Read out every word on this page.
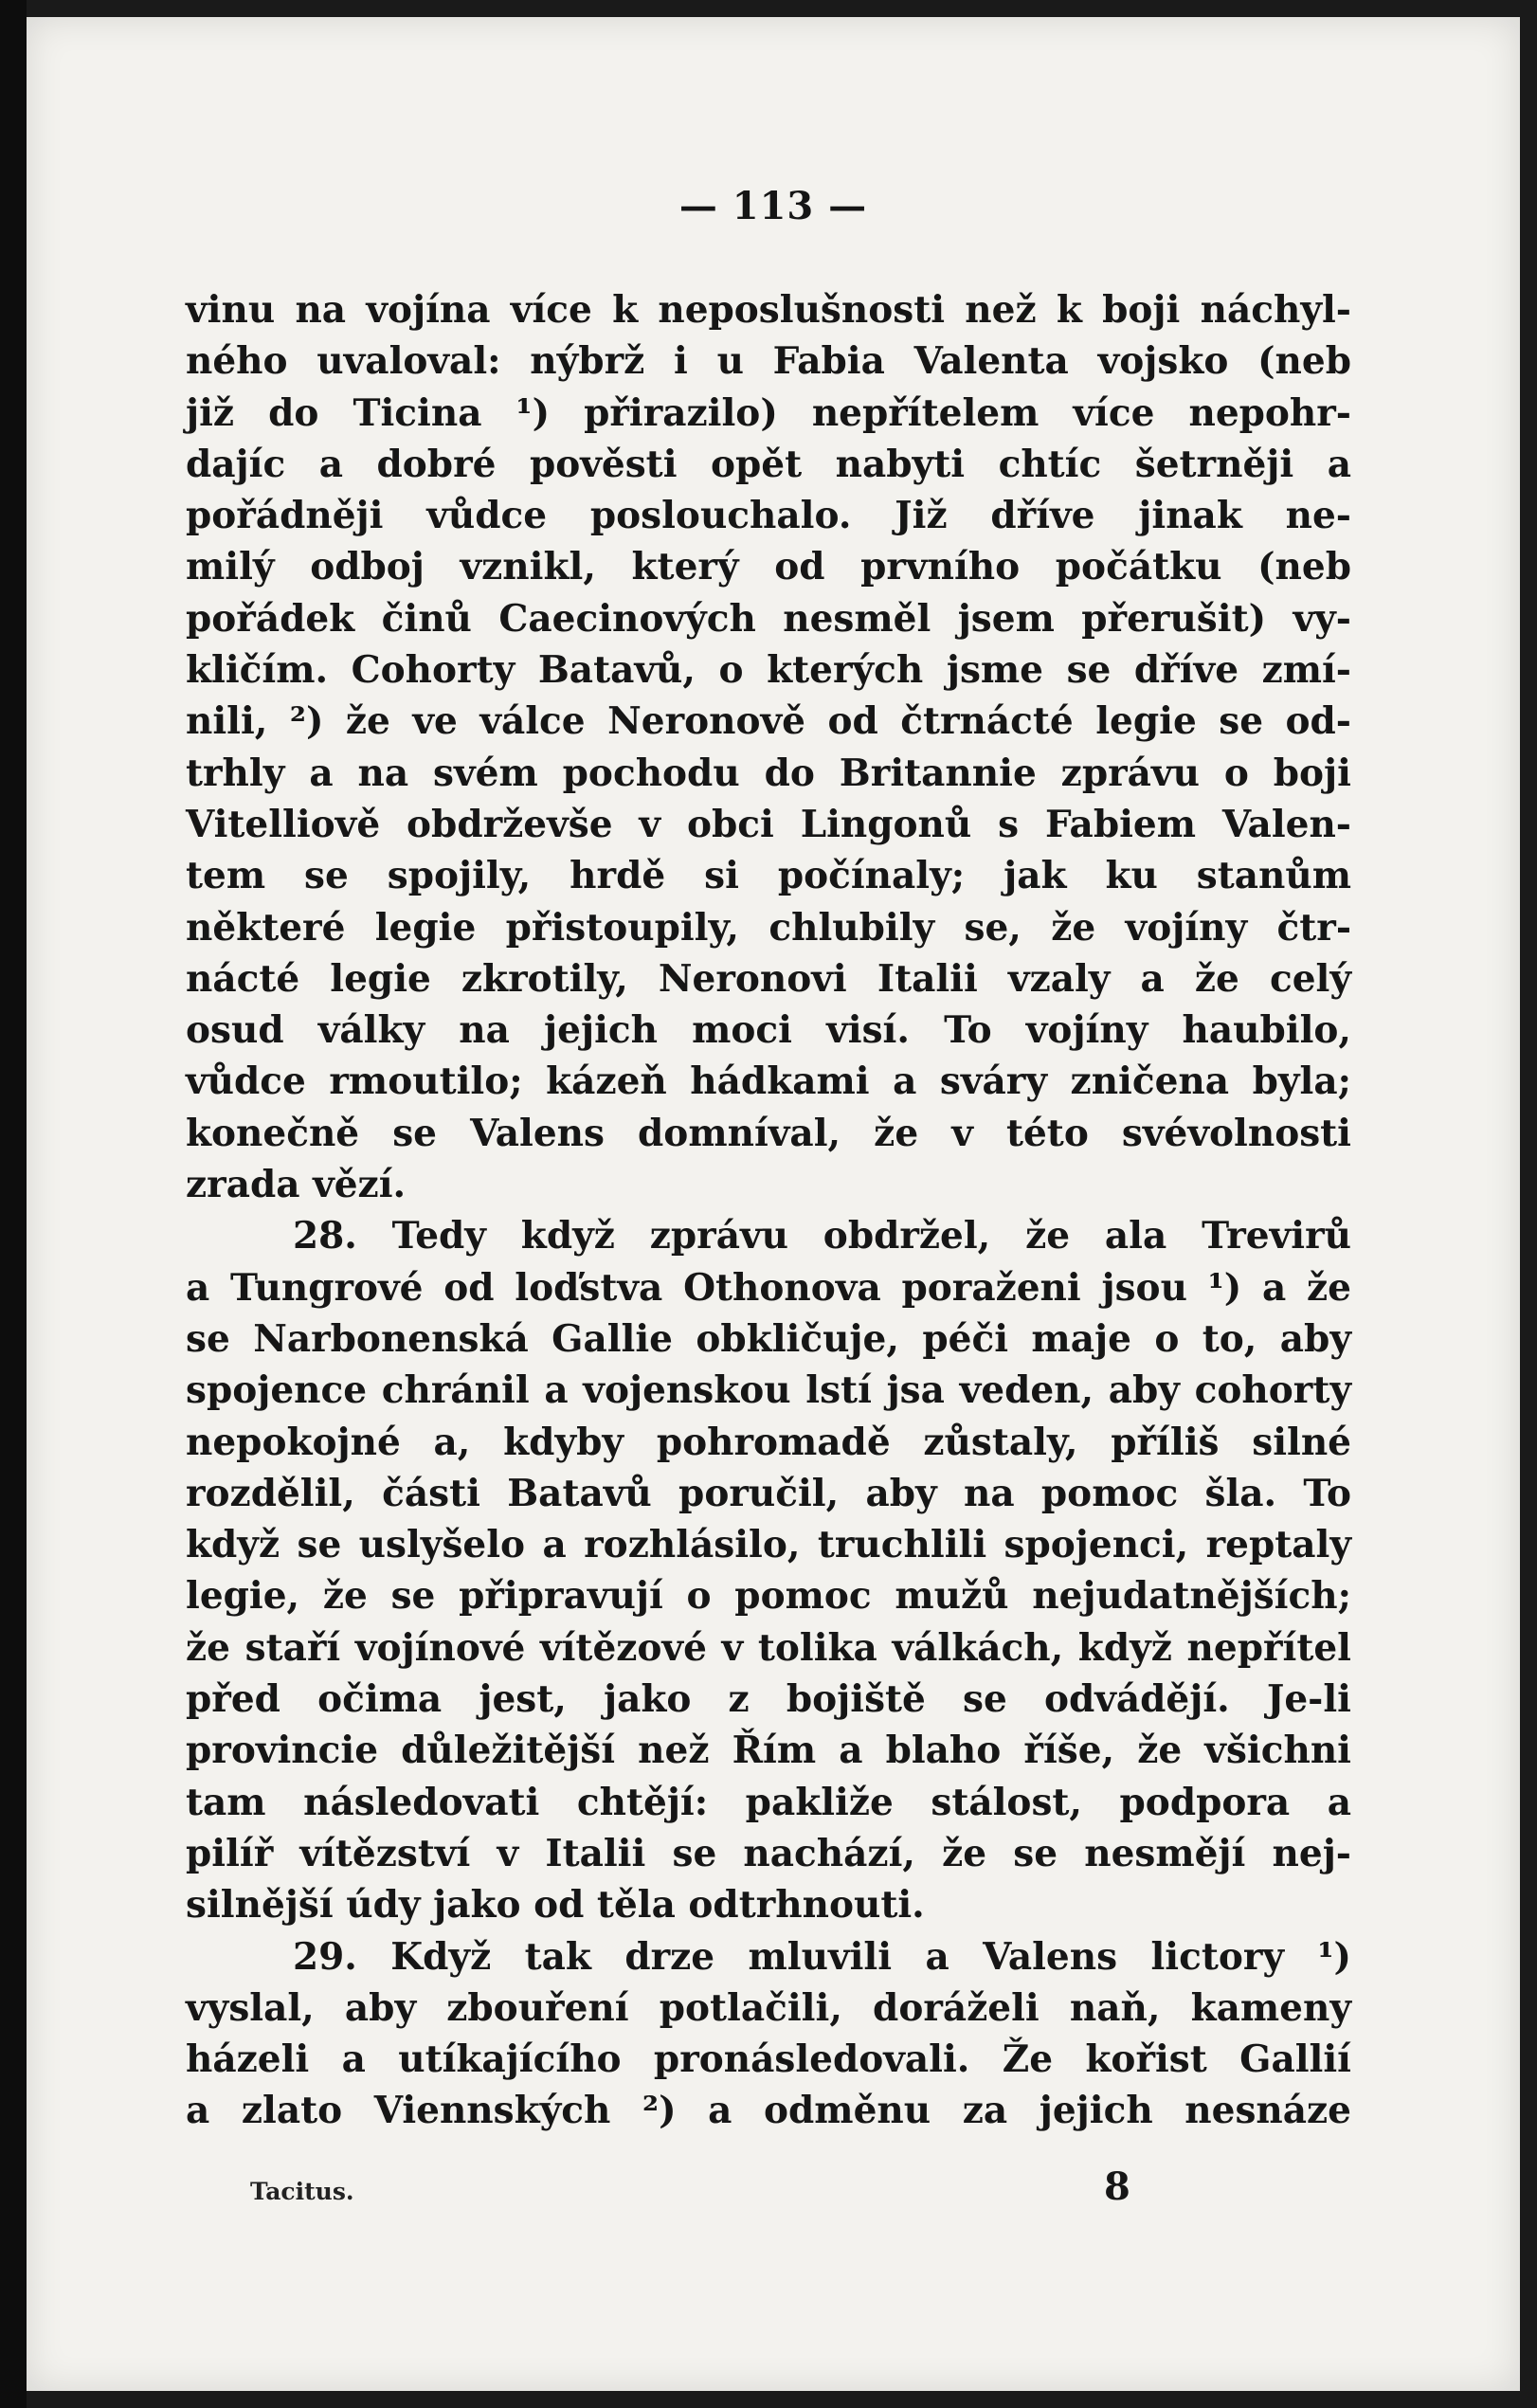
— 113 —
vinu na vojína více k neposlušnosti než k boji náchyl-
ného uvaloval: nýbrž i u Fabia Valenta vojsko (neb
již do Ticina ¹) přirazilo) nepřítelem více nepohr-
dajíc a dobré pověsti opět nabyti chtíc šetrněji a
pořádněji vůdce poslouchalo. Již dříve jinak ne-
milý odboj vznikl, který od prvního počátku (neb
pořádek činů Caecinových nesměl jsem přerušit) vy-
kličím. Cohorty Batavů, o kterých jsme se dříve zmí-
nili, ²) že ve válce Neronově od čtrnácté legie se od-
trhly a na svém pochodu do Britannie zprávu o boji
Vitelliově obdrževše v obci Lingonů s Fabiem Valen-
tem se spojily, hrdě si počínaly; jak ku stanům
některé legie přistoupily, chlubily se, že vojíny čtr-
nácté legie zkrotily, Neronovi Italii vzaly a že celý
osud války na jejich moci visí. To vojíny haubilo,
vůdce rmoutilo; kázeň hádkami a sváry zničena byla;
konečně se Valens domníval, že v této svévolnosti
zrada vězí.
28. Tedy když zprávu obdržel, že ala Trevirů
a Tungrové od loďstva Othonova poraženi jsou ¹) a že
se Narbonenská Gallie obkličuje, péči maje o to, aby
spojence chránil a vojenskou lstí jsa veden, aby cohorty
nepokojné a, kdyby pohromadě zůstaly, příliš silné
rozdělil, části Batavů poručil, aby na pomoc šla. To
když se uslyšelo a rozhlásilo, truchlili spojenci, reptaly
legie, že se připravují o pomoc mužů nejudatnějších;
že staří vojínové vítězové v tolika válkách, když nepřítel
před očima jest, jako z bojiště se odvádějí. Je-li
provincie důležitější než Řím a blaho říše, že všichni
tam následovati chtějí: pakliže stálost, podpora a
pilíř vítězství v Italii se nachází, že se nesmějí nej-
silnější údy jako od těla odtrhnouti.
29. Když tak drze mluvili a Valens lictory ¹)
vyslal, aby zbouření potlačili, doráželi naň, kameny
házeli a utíkajícího pronásledovali. Že kořist Gallií
a zlato Viennských ²) a odměnu za jejich nesnáze
Tacitus.	8
